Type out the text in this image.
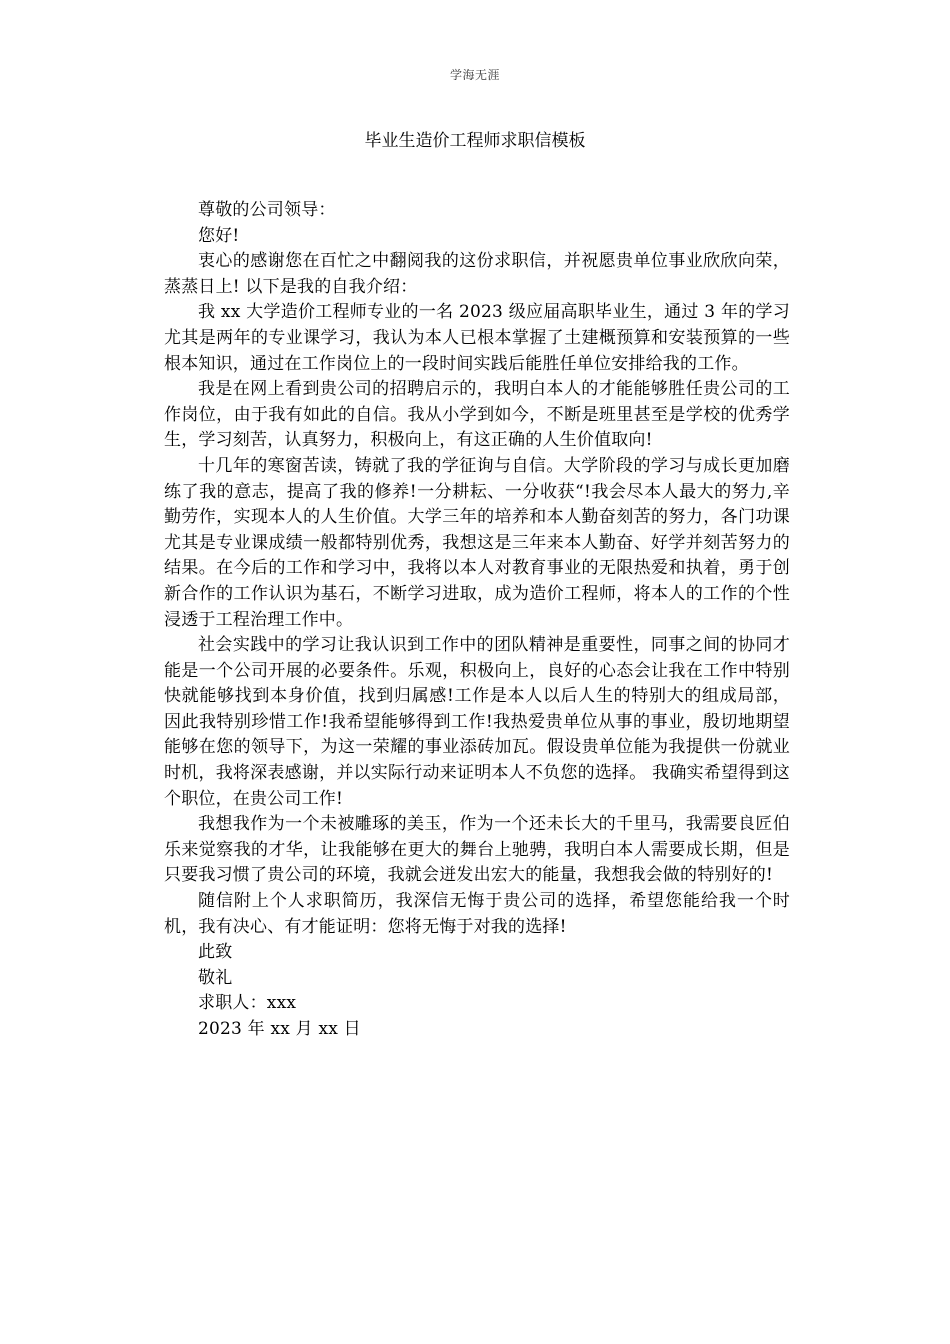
学海无涯
毕业生造价工程师求职信模板
尊敬的公司领导：
您好!

衷心的感谢您在百忙之中翻阅我的这份求职信，并祝愿贵单位事业欣欣向荣，蒸蒸日上! 以下是我的自我介绍：

我 xx 大学造价工程师专业的一名 2023 级应届高职毕业生，通过 3 年的学习尤其是两年的专业课学习，我认为本人已根本掌握了土建概预算和安装预算的一些根本知识，通过在工作岗位上的一段时间实践后能胜任单位安排给我的工作。

我是在网上看到贵公司的招聘启示的，我明白本人的才能能够胜任贵公司的工作岗位，由于我有如此的自信。我从小学到如今，不断是班里甚至是学校的优秀学生，学习刻苦，认真努力，积极向上，有这正确的人生价值取向!

十几年的寒窗苦读，铸就了我的学征询与自信。大学阶段的学习与成长更加磨练了我的意志，提高了我的修养!一分耕耘、一分收获“!我会尽本人最大的努力,辛勤劳作，实现本人的人生价值。大学三年的培养和本人勤奋刻苦的努力，各门功课尤其是专业课成绩一般都特别优秀，我想这是三年来本人勤奋、好学并刻苦努力的结果。在今后的工作和学习中，我将以本人对教育事业的无限热爱和执着，勇于创新合作的工作认识为基石，不断学习进取，成为造价工程师，将本人的工作的个性浸透于工程治理工作中。

社会实践中的学习让我认识到工作中的团队精神是重要性，同事之间的协同才能是一个公司开展的必要条件。乐观，积极向上，良好的心态会让我在工作中特别快就能够找到本身价值，找到归属感!工作是本人以后人生的特别大的组成局部，因此我特别珍惜工作!我希望能够得到工作!我热爱贵单位从事的事业，殷切地期望能够在您的领导下，为这一荣耀的事业添砖加瓦。假设贵单位能为我提供一份就业时机，我将深表感谢，并以实际行动来证明本人不负您的选择。 我确实希望得到这个职位，在贵公司工作!

我想我作为一个未被雕琢的美玉，作为一个还未长大的千里马，我需要良匠伯乐来觉察我的才华，让我能够在更大的舞台上驰骋，我明白本人需要成长期，但是只要我习惯了贵公司的环境，我就会迸发出宏大的能量，我想我会做的特别好的!

随信附上个人求职简历，我深信无悔于贵公司的选择，希望您能给我一个时机，我有决心、有才能证明：您将无悔于对我的选择!

此致
敬礼
求职人：xxx
2023 年 xx 月 xx 日
